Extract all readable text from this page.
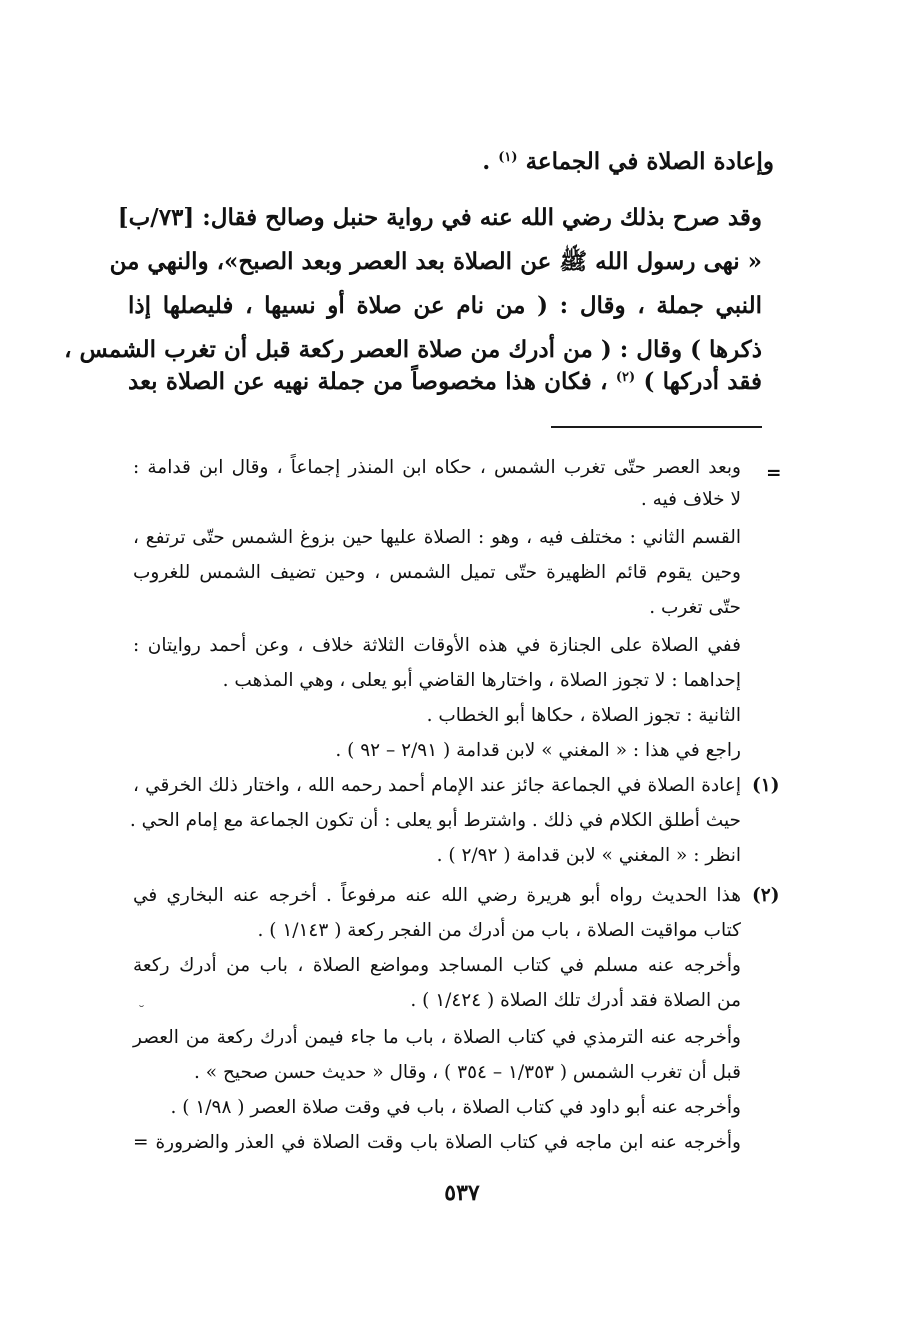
وإعادة الصلاة في الجماعة $^{(١)}$ .
وقد صرح بذلك رضي الله عنه في رواية حنبل وصالح فقال: [٧٣/ب]
« نهى رسول الله ﷺ عن الصلاة بعد العصر وبعد الصبح»، والنهي من
النبي جملة ، وقال : ( من نام عن صلاة أو نسيها ، فليصلها إذا
ذكرها ) وقال : ( من أدرك من صلاة العصر ركعة قبل أن تغرب الشمس ،
فقد أدركها ) $^{(٢)}$ ، فكان هذا مخصوصاً من جملة نهيه عن الصلاة بعد
=
وبعد العصر حتّى تغرب الشمس ، حكاه ابن المنذر إجماعاً ، وقال ابن قدامة :
لا خلاف فيه .
القسم الثاني : مختلف فيه ، وهو : الصلاة عليها حين بزوغ الشمس حتّى ترتفع ،
وحين يقوم قائم الظهيرة حتّى تميل الشمس ، وحين تضيف الشمس للغروب
حتّى تغرب .
ففي الصلاة على الجنازة في هذه الأوقات الثلاثة خلاف ، وعن أحمد روايتان :
إحداهما : لا تجوز الصلاة ، واختارها القاضي أبو يعلى ، وهي المذهب .
الثانية : تجوز الصلاة ، حكاها أبو الخطاب .
راجع في هذا : « المغني » لابن قدامة ( ٢/٩١ – ٩٢ ) .
(١)
إعادة الصلاة في الجماعة جائز عند الإمام أحمد رحمه الله ، واختار ذلك الخرقي ،
حيث أطلق الكلام في ذلك . واشترط أبو يعلى : أن تكون الجماعة مع إمام الحي .
انظر : « المغني » لابن قدامة ( ٢/٩٢ ) .
(٢)
هذا الحديث رواه أبو هريرة رضي الله عنه مرفوعاً . أخرجه عنه البخاري في
كتاب مواقيت الصلاة ، باب من أدرك من الفجر ركعة ( ١/١٤٣ ) .
وأخرجه عنه مسلم في كتاب المساجد ومواضع الصلاة ، باب من أدرك ركعة
من الصلاة فقد أدرك تلك الصلاة ( ١/٤٢٤ ) .
وأخرجه عنه الترمذي في كتاب الصلاة ، باب ما جاء فيمن أدرك ركعة من العصر
قبل أن تغرب الشمس ( ١/٣٥٣ – ٣٥٤ ) ، وقال « حديث حسن صحيح » .
وأخرجه عنه أبو داود في كتاب الصلاة ، باب في وقت صلاة العصر ( ١/٩٨ ) .
وأخرجه عنه ابن ماجه في كتاب الصلاة باب وقت الصلاة في العذر والضرورة =
˘
٥٣٧
